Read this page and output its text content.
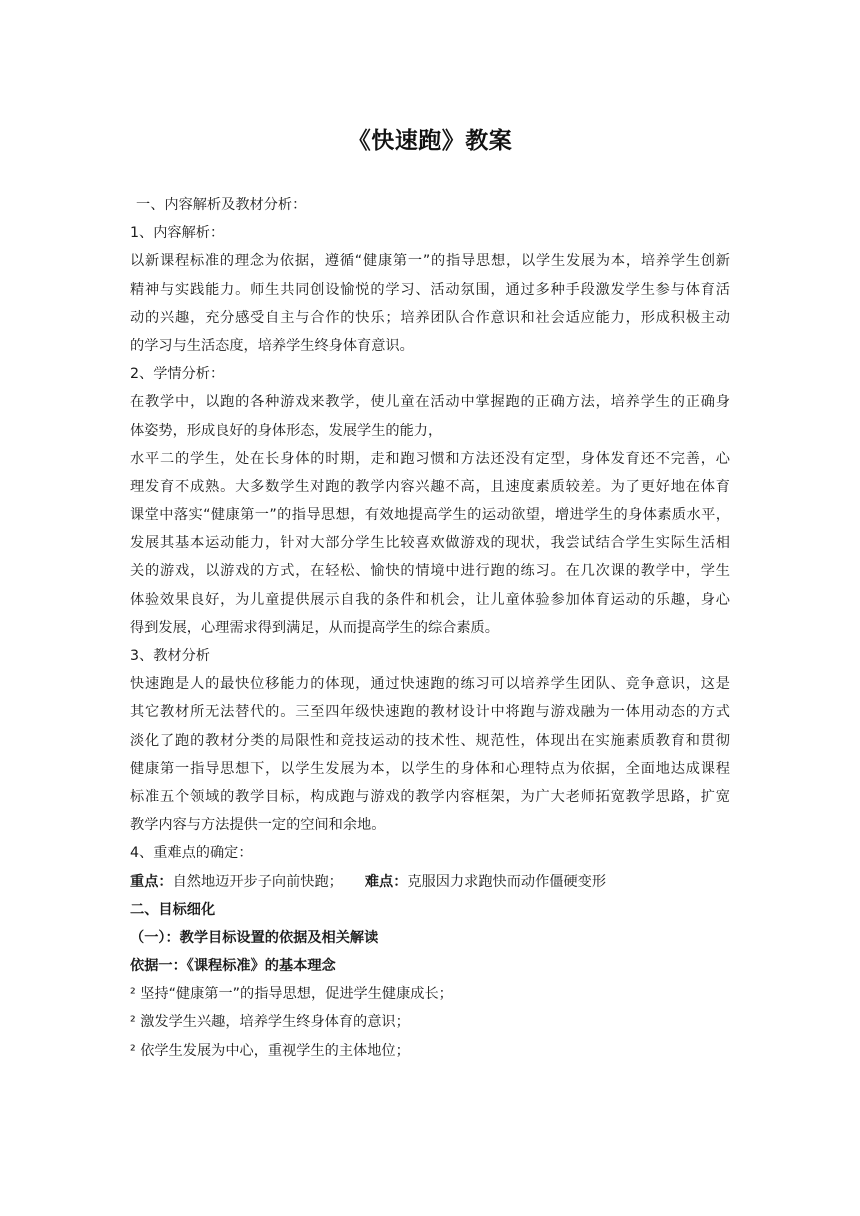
《快速跑》教案
一、内容解析及教材分析：
1、内容解析：
以新课程标准的理念为依据，遵循“健康第一”的指导思想，以学生发展为本，培养学生创新
精神与实践能力。师生共同创设愉悦的学习、活动氛围，通过多种手段激发学生参与体育活
动的兴趣，充分感受自主与合作的快乐；培养团队合作意识和社会适应能力，形成积极主动
的学习与生活态度，培养学生终身体育意识。
2、学情分析：
在教学中，以跑的各种游戏来教学，使儿童在活动中掌握跑的正确方法，培养学生的正确身
体姿势，形成良好的身体形态，发展学生的能力，
水平二的学生，处在长身体的时期，走和跑习惯和方法还没有定型，身体发育还不完善，心
理发育不成熟。大多数学生对跑的教学内容兴趣不高，且速度素质较差。为了更好地在体育
课堂中落实“健康第一”的指导思想，有效地提高学生的运动欲望，增进学生的身体素质水平，
发展其基本运动能力，针对大部分学生比较喜欢做游戏的现状，我尝试结合学生实际生活相
关的游戏，以游戏的方式，在轻松、愉快的情境中进行跑的练习。在几次课的教学中，学生
体验效果良好，为儿童提供展示自我的条件和机会，让儿童体验参加体育运动的乐趣，身心
得到发展，心理需求得到满足，从而提高学生的综合素质。
3、教材分析
快速跑是人的最快位移能力的体现，通过快速跑的练习可以培养学生团队、竞争意识，这是
其它教材所无法替代的。三至四年级快速跑的教材设计中将跑与游戏融为一体用动态的方式
淡化了跑的教材分类的局限性和竞技运动的技术性、规范性，体现出在实施素质教育和贯彻
健康第一指导思想下，以学生发展为本，以学生的身体和心理特点为依据，全面地达成课程
标准五个领域的教学目标，构成跑与游戏的教学内容框架，为广大老师拓宽教学思路，扩宽
教学内容与方法提供一定的空间和余地。
4、重难点的确定：
重点：自然地迈开步子向前快跑； 难点：克服因力求跑快而动作僵硬变形
二、目标细化
（一）：教学目标设置的依据及相关解读
依据一：《课程标准》的基本理念
² 坚持“健康第一”的指导思想，促进学生健康成长；
² 激发学生兴趣，培养学生终身体育的意识；
² 依学生发展为中心，重视学生的主体地位；
